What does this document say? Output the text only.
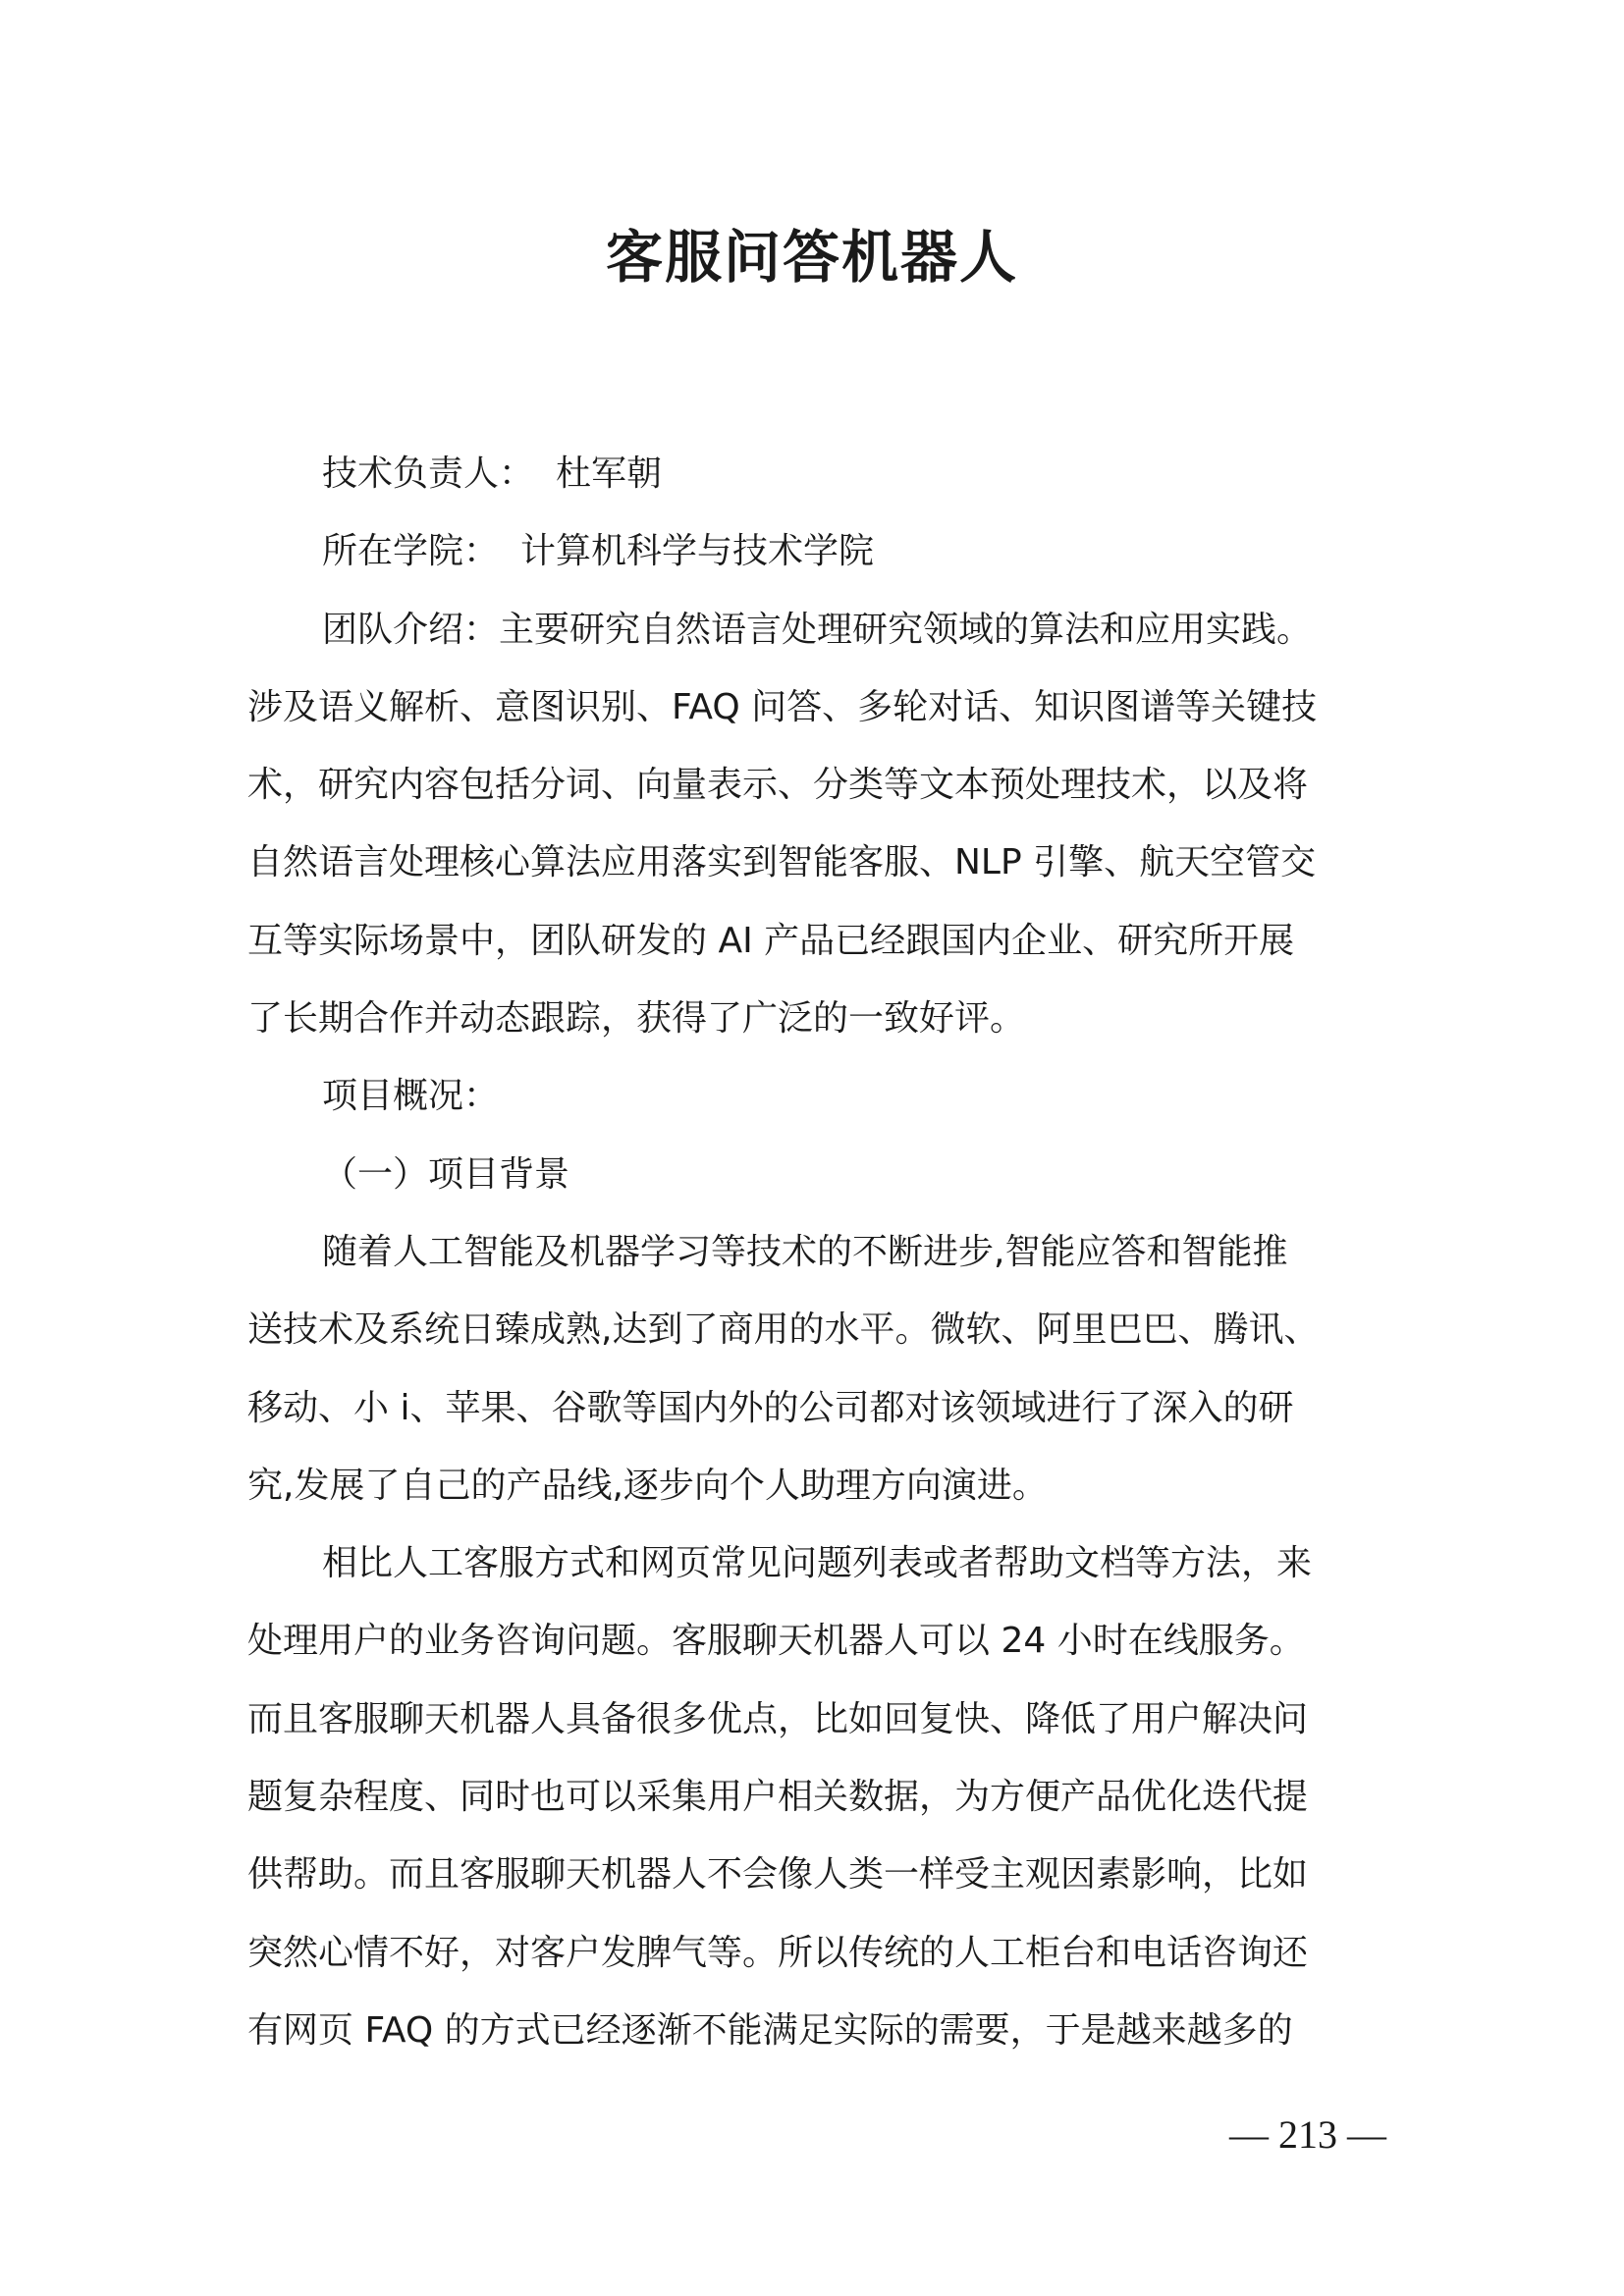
客服问答机器人
技术负责人： 杜军朝
所在学院： 计算机科学与技术学院
团队介绍：主要研究自然语言处理研究领域的算法和应用实践。
涉及语义解析、意图识别、FAQ 问答、多轮对话、知识图谱等关键技
术，研究内容包括分词、向量表示、分类等文本预处理技术，以及将
自然语言处理核心算法应用落实到智能客服、NLP 引擎、航天空管交
互等实际场景中，团队研发的 AI 产品已经跟国内企业、研究所开展
了长期合作并动态跟踪，获得了广泛的一致好评。
项目概况：
（一）项目背景
随着人工智能及机器学习等技术的不断进步,智能应答和智能推
送技术及系统日臻成熟,达到了商用的水平。微软、阿里巴巴、腾讯、
移动、小 i、苹果、谷歌等国内外的公司都对该领域进行了深入的研
究,发展了自己的产品线,逐步向个人助理方向演进。
相比人工客服方式和网页常见问题列表或者帮助文档等方法，来
处理用户的业务咨询问题。客服聊天机器人可以 24 小时在线服务。
而且客服聊天机器人具备很多优点，比如回复快、降低了用户解决问
题复杂程度、同时也可以采集用户相关数据，为方便产品优化迭代提
供帮助。而且客服聊天机器人不会像人类一样受主观因素影响，比如
突然心情不好，对客户发脾气等。所以传统的人工柜台和电话咨询还
有网页 FAQ 的方式已经逐渐不能满足实际的需要，于是越来越多的
— 213 —
